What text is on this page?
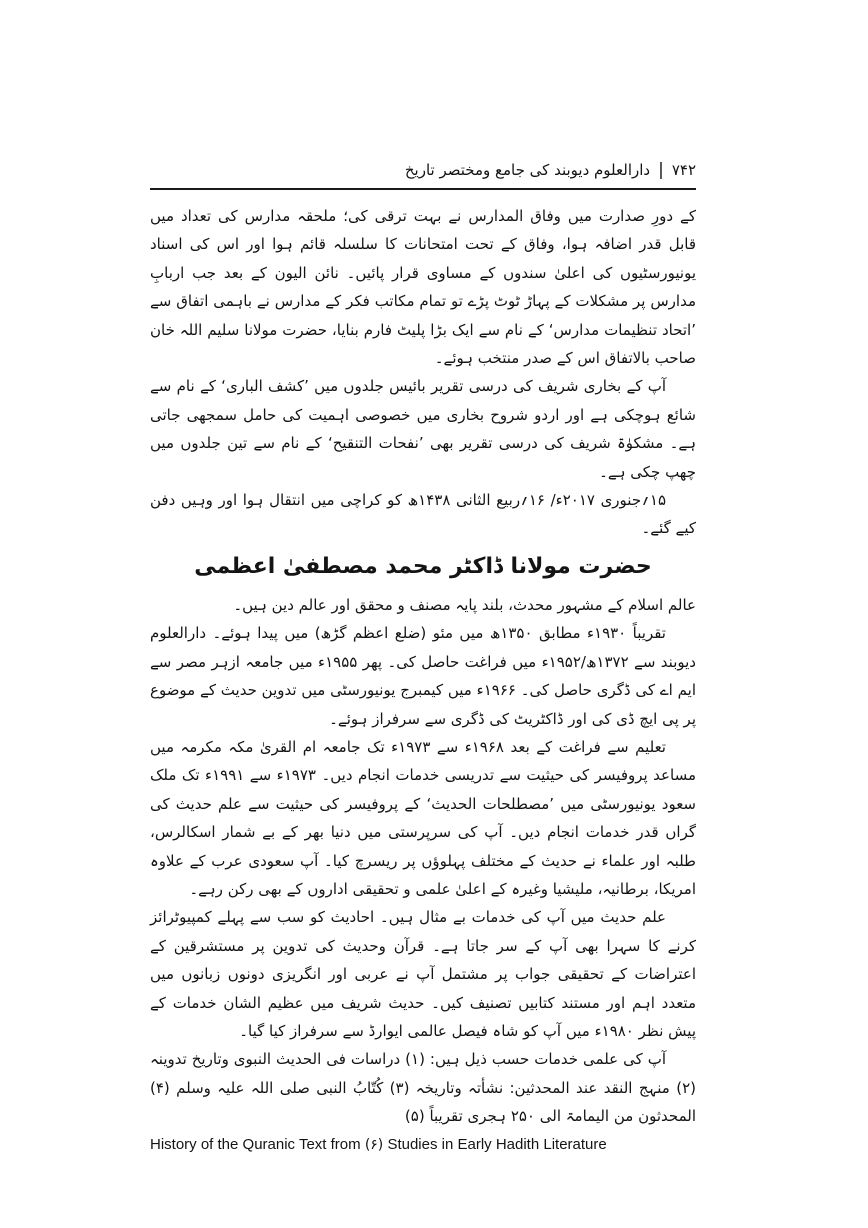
۷۴۲
|
دارالعلوم دیوبند کی جامع ومختصر تاریخ

کے دورِ صدارت میں وفاق المدارس نے بہت ترقی کی؛ ملحقہ مدارس کی تعداد میں قابل قدر اضافہ ہوا، وفاق کے تحت امتحانات کا سلسلہ قائم ہوا اور اس کی اسناد یونیورسٹیوں کی اعلیٰ سندوں کے مساوی قرار پائیں۔ نائن الیون کے بعد جب اربابِ مدارس پر مشکلات کے پہاڑ ٹوٹ پڑے تو تمام مکاتب فکر کے مدارس نے باہمی اتفاق سے ’اتحاد تنظیمات مدارس‘ کے نام سے ایک بڑا پلیٹ فارم بنایا، حضرت مولانا سلیم اللہ خان صاحب بالاتفاق اس کے صدر منتخب ہوئے۔

آپ کے بخاری شریف کی درسی تقریر بائیس جلدوں میں ’کشف الباری‘ کے نام سے شائع ہوچکی ہے اور اردو شروح بخاری میں خصوصی اہمیت کی حامل سمجھی جاتی ہے۔ مشکوٰۃ شریف کی درسی تقریر بھی ’نفحات التنقیح‘ کے نام سے تین جلدوں میں چھپ چکی ہے۔

۱۵؍جنوری ۲۰۱۷ء/ ۱۶؍ربیع الثانی ۱۴۳۸ھ کو کراچی میں انتقال ہوا اور وہیں دفن کیے گئے۔

حضرت مولانا ڈاکٹر محمد مصطفیٰ اعظمی

عالم اسلام کے مشہور محدث، بلند پایہ مصنف و محقق اور عالم دین ہیں۔

تقریباً ۱۹۳۰ء مطابق ۱۳۵۰ھ میں مئو (ضلع اعظم گڑھ) میں پیدا ہوئے۔ دارالعلوم دیوبند سے ۱۳۷۲ھ/۱۹۵۲ء میں فراغت حاصل کی۔ پھر ۱۹۵۵ء میں جامعہ ازہر مصر سے ایم اے کی ڈگری حاصل کی۔ ۱۹۶۶ء میں کیمبرج یونیورسٹی میں تدوین حدیث کے موضوع پر پی ایچ ڈی کی اور ڈاکٹریٹ کی ڈگری سے سرفراز ہوئے۔

تعلیم سے فراغت کے بعد ۱۹۶۸ء سے ۱۹۷۳ء تک جامعہ ام القریٰ مکہ مکرمہ میں مساعد پروفیسر کی حیثیت سے تدریسی خدمات انجام دیں۔ ۱۹۷۳ء سے ۱۹۹۱ء تک ملک سعود یونیورسٹی میں ’مصطلحات الحدیث‘ کے پروفیسر کی حیثیت سے علم حدیث کی گراں قدر خدمات انجام دیں۔ آپ کی سرپرستی میں دنیا بھر کے بے شمار اسکالرس، طلبہ اور علماء نے حدیث کے مختلف پہلوؤں پر ریسرچ کیا۔ آپ سعودی عرب کے علاوہ امریکا، برطانیہ، ملیشیا وغیرہ کے اعلیٰ علمی و تحقیقی اداروں کے بھی رکن رہے۔

علم حدیث میں آپ کی خدمات بے مثال ہیں۔ احادیث کو سب سے پہلے کمپیوٹرائز کرنے کا سہرا بھی آپ کے سر جاتا ہے۔ قرآن وحدیث کی تدوین پر مستشرقین کے اعتراضات کے تحقیقی جواب پر مشتمل آپ نے عربی اور انگریزی دونوں زبانوں میں متعدد اہم اور مستند کتابیں تصنیف کیں۔ حدیث شریف میں عظیم الشان خدمات کے پیش نظر ۱۹۸۰ء میں آپ کو شاہ فیصل عالمی ایوارڈ سے سرفراز کیا گیا۔

آپ کی علمی خدمات حسب ذیل ہیں: (۱) دراسات فی الحدیث النبوی وتاریخ تدوینہ (۲) منہج النقد عند المحدثین: نشأتہ وتاریخہ (۳) کُتّابُ النبی صلی اللہ علیہ وسلم (۴) المحدثون من الیمامۃ الی ۲۵۰ ہجری تقریباً (۵)

History of the Quranic Text from (۶) Studies in Early Hadith Literature
